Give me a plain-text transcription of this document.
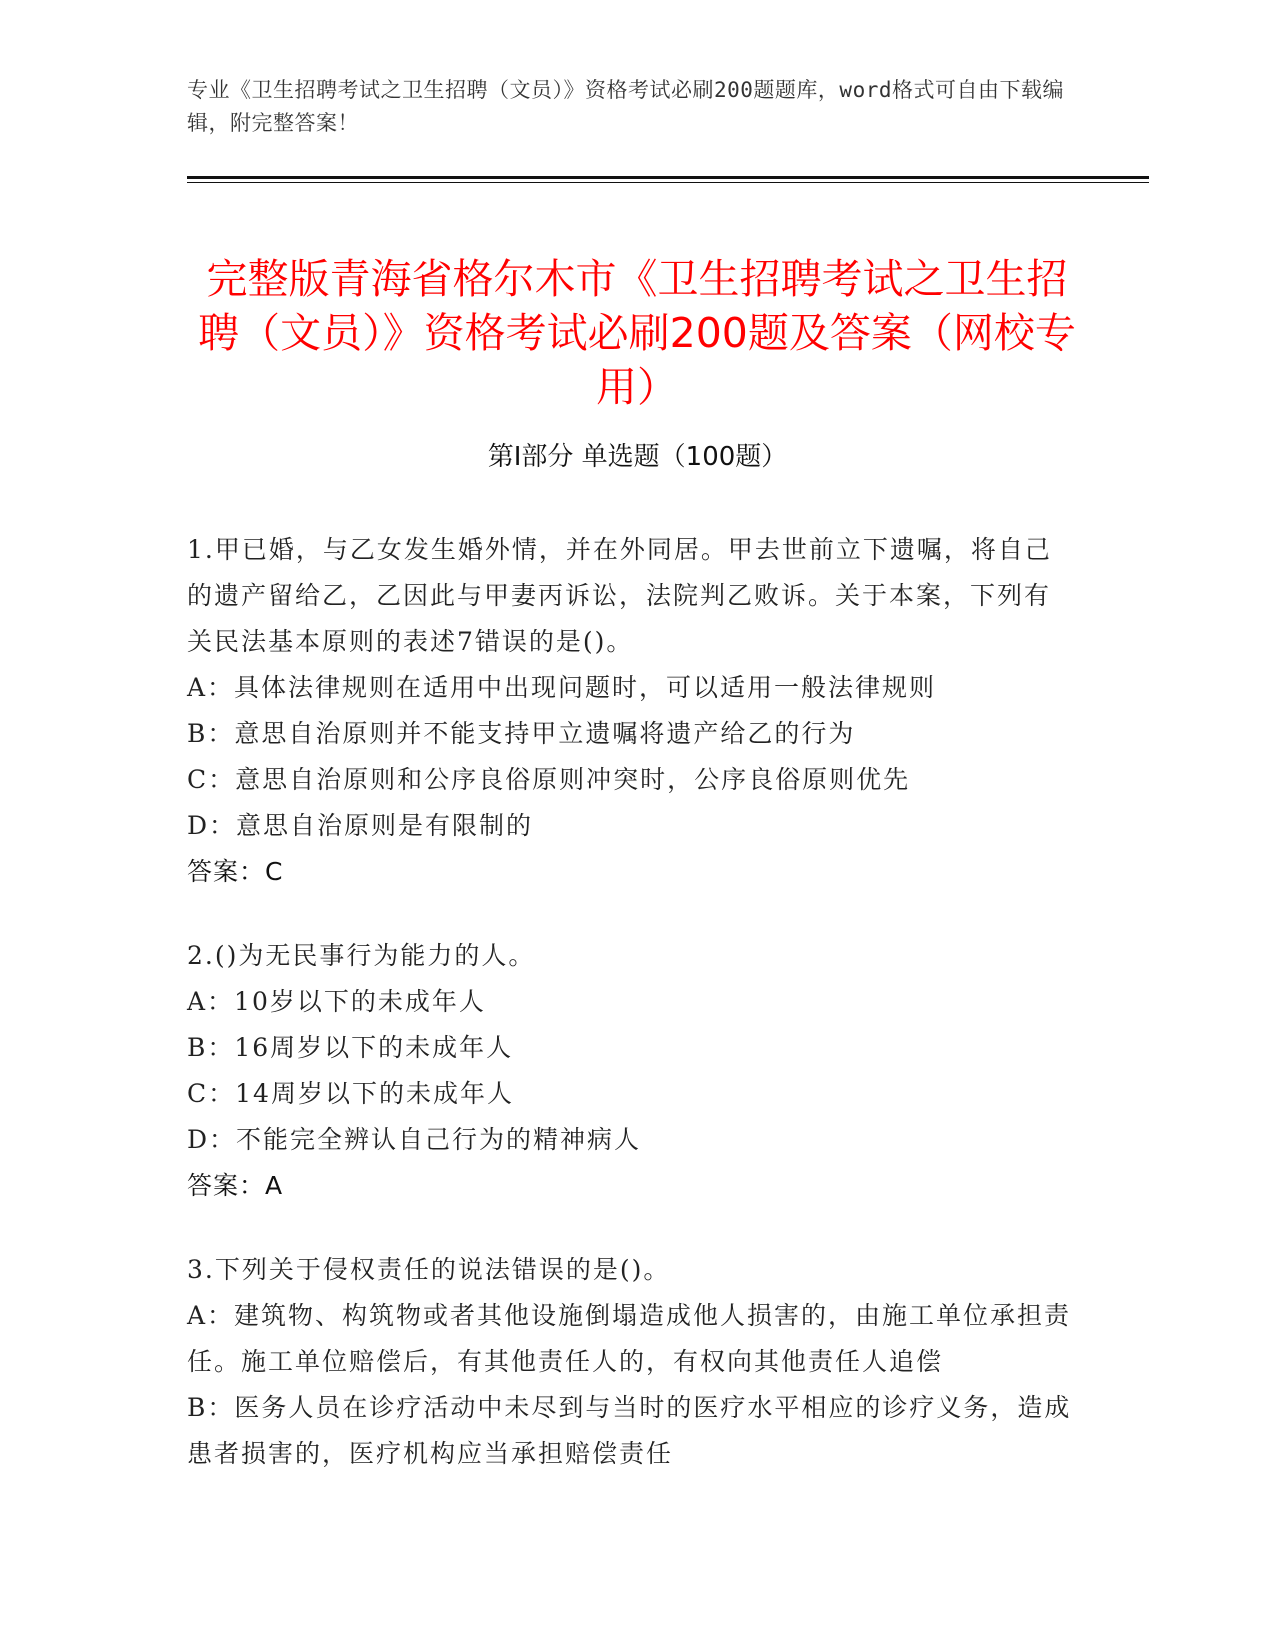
专业《卫生招聘考试之卫生招聘（文员）》资格考试必刷200题题库，word格式可自由下载编辑，附完整答案！
完整版青海省格尔木市《卫生招聘考试之卫生招聘（文员）》资格考试必刷200题及答案（网校专用）
第Ⅰ部分 单选题（100题）

1.甲已婚，与乙女发生婚外情，并在外同居。甲去世前立下遗嘱，将自己的遗产留给乙，乙因此与甲妻丙诉讼，法院判乙败诉。关于本案，下列有关民法基本原则的表述7错误的是()。

A：具体法律规则在适用中出现问题时，可以适用一般法律规则

B：意思自治原则并不能支持甲立遗嘱将遗产给乙的行为

C：意思自治原则和公序良俗原则冲突时，公序良俗原则优先

D：意思自治原则是有限制的

答案：C

2.()为无民事行为能力的人。

A：10岁以下的未成年人

B：16周岁以下的未成年人

C：14周岁以下的未成年人

D：不能完全辨认自己行为的精神病人

答案：A

3.下列关于侵权责任的说法错误的是()。

A：建筑物、构筑物或者其他设施倒塌造成他人损害的，由施工单位承担责任。施工单位赔偿后，有其他责任人的，有权向其他责任人追偿

B：医务人员在诊疗活动中未尽到与当时的医疗水平相应的诊疗义务，造成患者损害的，医疗机构应当承担赔偿责任
